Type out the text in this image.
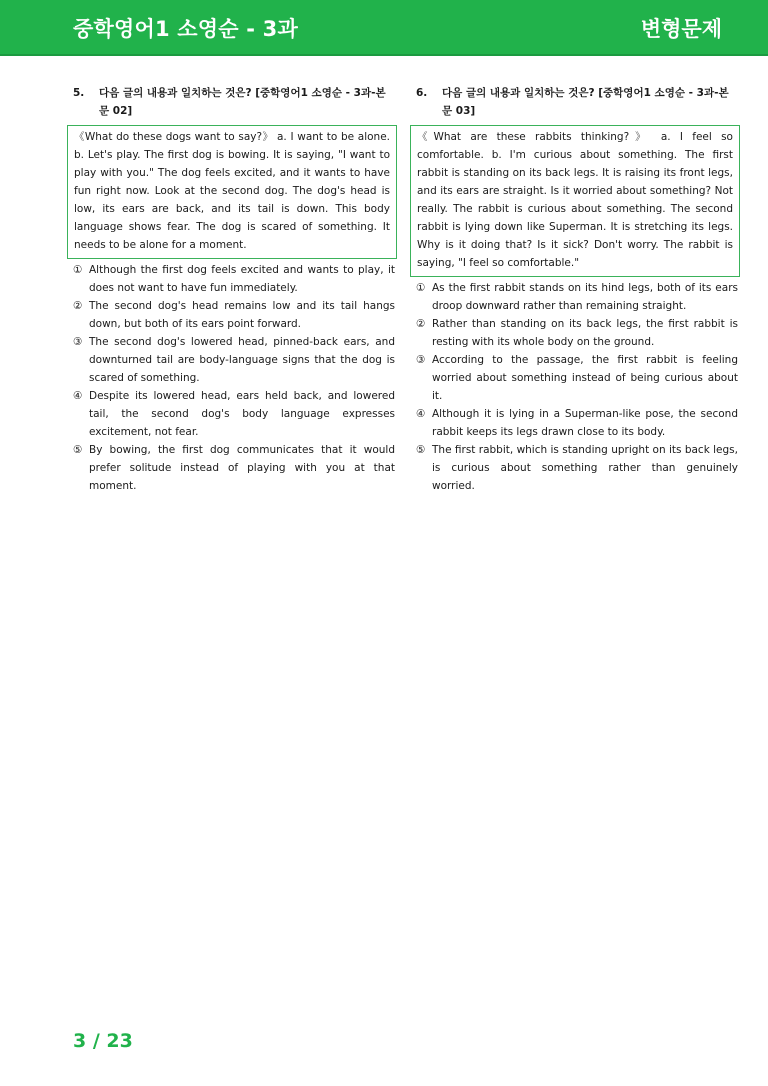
중학영어1 소영순 - 3과	변형문제
5.	다음 글의 내용과 일치하는 것은? [중학영어1 소영순 - 3과-본문 02]
《What do these dogs want to say?》 a. I want to be alone. b. Let's play. The first dog is bowing. It is saying, "I want to play with you." The dog feels excited, and it wants to have fun right now. Look at the second dog. The dog's head is low, its ears are back, and its tail is down. This body language shows fear. The dog is scared of something. It needs to be alone for a moment.
① Although the first dog feels excited and wants to play, it does not want to have fun immediately.
② The second dog's head remains low and its tail hangs down, but both of its ears point forward.
③ The second dog's lowered head, pinned-back ears, and downturned tail are body-language signs that the dog is scared of something.
④ Despite its lowered head, ears held back, and lowered tail, the second dog's body language expresses excitement, not fear.
⑤ By bowing, the first dog communicates that it would prefer solitude instead of playing with you at that moment.
6.	다음 글의 내용과 일치하는 것은? [중학영어1 소영순 - 3과-본문 03]
《What are these rabbits thinking?》 a. I feel so comfortable. b. I'm curious about something. The first rabbit is standing on its back legs. It is raising its front legs, and its ears are straight. Is it worried about something? Not really. The rabbit is curious about something. The second rabbit is lying down like Superman. It is stretching its legs. Why is it doing that? Is it sick? Don't worry. The rabbit is saying, "I feel so comfortable."
① As the first rabbit stands on its hind legs, both of its ears droop downward rather than remaining straight.
② Rather than standing on its back legs, the first rabbit is resting with its whole body on the ground.
③ According to the passage, the first rabbit is feeling worried about something instead of being curious about it.
④ Although it is lying in a Superman-like pose, the second rabbit keeps its legs drawn close to its body.
⑤ The first rabbit, which is standing upright on its back legs, is curious about something rather than genuinely worried.
3 / 23
